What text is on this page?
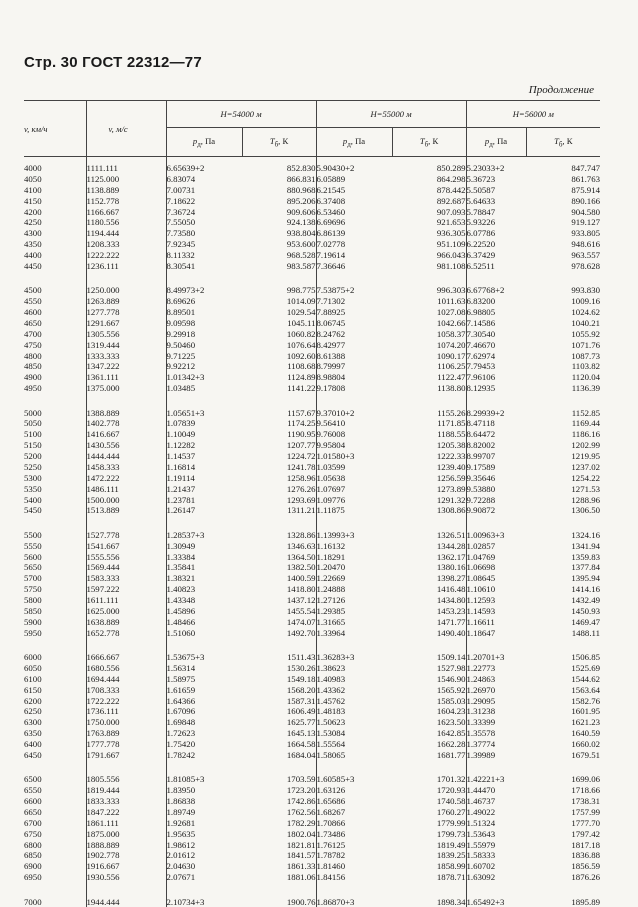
Стр. 30 ГОСТ 22312—77
Продолжение
v, км/ч	v, м/с	H=54000 м		H=55000 м		H=56000 м	
		$p_д$, Па	$T_б$, К	$p_д$, Па	$T_б$, К	$p_д$, Па	$T_б$, К
4000	1111.111	6.65639+2	852.830	5.90430+2	850.289	5.23033+2	847.747
4050	1125.000	6.83074	866.831	6.05889	864.298	5.36723	861.763
4100	1138.889	7.00731	880.968	6.21545	878.442	5.50587	875.914
4150	1152.778	7.18622	895.206	6.37408	892.687	5.64633	890.166
4200	1166.667	7.36724	909.606	6.53460	907.093	5.78847	904.580
4250	1180.556	7.55050	924.138	6.69696	921.653	5.93226	919.127
4300	1194.444	7.73580	938.804	6.86139	936.305	6.07786	933.805
4350	1208.333	7.92345	953.600	7.02778	951.109	6.22520	948.616
4400	1222.222	8.11332	968.528	7.19614	966.043	6.37429	963.557
4450	1236.111	8.30541	983.587	7.36646	981.108	6.52511	978.628

4500	1250.000	8.49973+2	998.775	7.53875+2	996.303	6.67768+2	993.830
4550	1263.889	8.69626	1014.09	7.71302	1011.63	6.83200	1009.16
4600	1277.778	8.89501	1029.54	7.88925	1027.08	6.98805	1024.62
4650	1291.667	9.09598	1045.11	8.06745	1042.66	7.14586	1040.21
4700	1305.556	9.29918	1060.82	8.24762	1058.37	7.30540	1055.92
4750	1319.444	9.50460	1076.64	8.42977	1074.20	7.46670	1071.76
4800	1333.333	9.71225	1092.60	8.61388	1090.17	7.62974	1087.73
4850	1347.222	9.92212	1108.68	8.79997	1106.25	7.79453	1103.82
4900	1361.111	1.01342+3	1124.89	8.98804	1122.47	7.96106	1120.04
4950	1375.000	1.03485	1141.22	9.17808	1138.80	8.12935	1136.39

5000	1388.889	1.05651+3	1157.67	9.37010+2	1155.26	8.29939+2	1152.85
5050	1402.778	1.07839	1174.25	9.56410	1171.85	8.47118	1169.44
5100	1416.667	1.10049	1190.95	9.76008	1188.55	8.64472	1186.16
5150	1430.556	1.12282	1207.77	9.95804	1205.38	8.82002	1202.99
5200	1444.444	1.14537	1224.72	1.01580+3	1222.33	8.99707	1219.95
5250	1458.333	1.16814	1241.78	1.03599	1239.40	9.17589	1237.02
5300	1472.222	1.19114	1258.96	1.05638	1256.59	9.35646	1254.22
5350	1486.111	1.21437	1276.26	1.07697	1273.89	9.53880	1271.53
5400	1500.000	1.23781	1293.69	1.09776	1291.32	9.72288	1288.96
5450	1513.889	1.26147	1311.21	1.11875	1308.86	9.90872	1306.50

5500	1527.778	1.28537+3	1328.86	1.13993+3	1326.51	1.00963+3	1324.16
5550	1541.667	1.30949	1346.63	1.16132	1344.28	1.02857	1341.94
5600	1555.556	1.33384	1364.50	1.18291	1362.17	1.04769	1359.83
5650	1569.444	1.35841	1382.50	1.20470	1380.16	1.06698	1377.84
5700	1583.333	1.38321	1400.59	1.22669	1398.27	1.08645	1395.94
5750	1597.222	1.40823	1418.80	1.24888	1416.48	1.10610	1414.16
5800	1611.111	1.43348	1437.12	1.27126	1434.80	1.12593	1432.49
5850	1625.000	1.45896	1455.54	1.29385	1453.23	1.14593	1450.93
5900	1638.889	1.48466	1474.07	1.31665	1471.77	1.16611	1469.47
5950	1652.778	1.51060	1492.70	1.33964	1490.40	1.18647	1488.11

6000	1666.667	1.53675+3	1511.43	1.36283+3	1509.14	1.20701+3	1506.85
6050	1680.556	1.56314	1530.26	1.38623	1527.98	1.22773	1525.69
6100	1694.444	1.58975	1549.18	1.40983	1546.90	1.24863	1544.62
6150	1708.333	1.61659	1568.20	1.43362	1565.92	1.26970	1563.64
6200	1722.222	1.64366	1587.31	1.45762	1585.03	1.29095	1582.76
6250	1736.111	1.67096	1606.49	1.48183	1604.23	1.31238	1601.95
6300	1750.000	1.69848	1625.77	1.50623	1623.50	1.33399	1621.23
6350	1763.889	1.72623	1645.13	1.53084	1642.85	1.35578	1640.59
6400	1777.778	1.75420	1664.58	1.55564	1662.28	1.37774	1660.02
6450	1791.667	1.78242	1684.04	1.58065	1681.77	1.39989	1679.51

6500	1805.556	1.81085+3	1703.59	1.60585+3	1701.32	1.42221+3	1699.06
6550	1819.444	1.83950	1723.20	1.63126	1720.93	1.44470	1718.66
6600	1833.333	1.86838	1742.86	1.65686	1740.58	1.46737	1738.31
6650	1847.222	1.89749	1762.56	1.68267	1760.27	1.49022	1757.99
6700	1861.111	1.92681	1782.29	1.70866	1779.99	1.51324	1777.70
6750	1875.000	1.95635	1802.04	1.73486	1799.73	1.53643	1797.42
6800	1888.889	1.98612	1821.81	1.76125	1819.49	1.55979	1817.18
6850	1902.778	2.01612	1841.57	1.78782	1839.25	1.58333	1836.88
6900	1916.667	2.04630	1861.33	1.81460	1858.99	1.60702	1856.59
6950	1930.556	2.07671	1881.06	1.84156	1878.71	1.63092	1876.26

7000	1944.444	2.10734+3	1900.76	1.86870+3	1898.34	1.65492+3	1895.89
